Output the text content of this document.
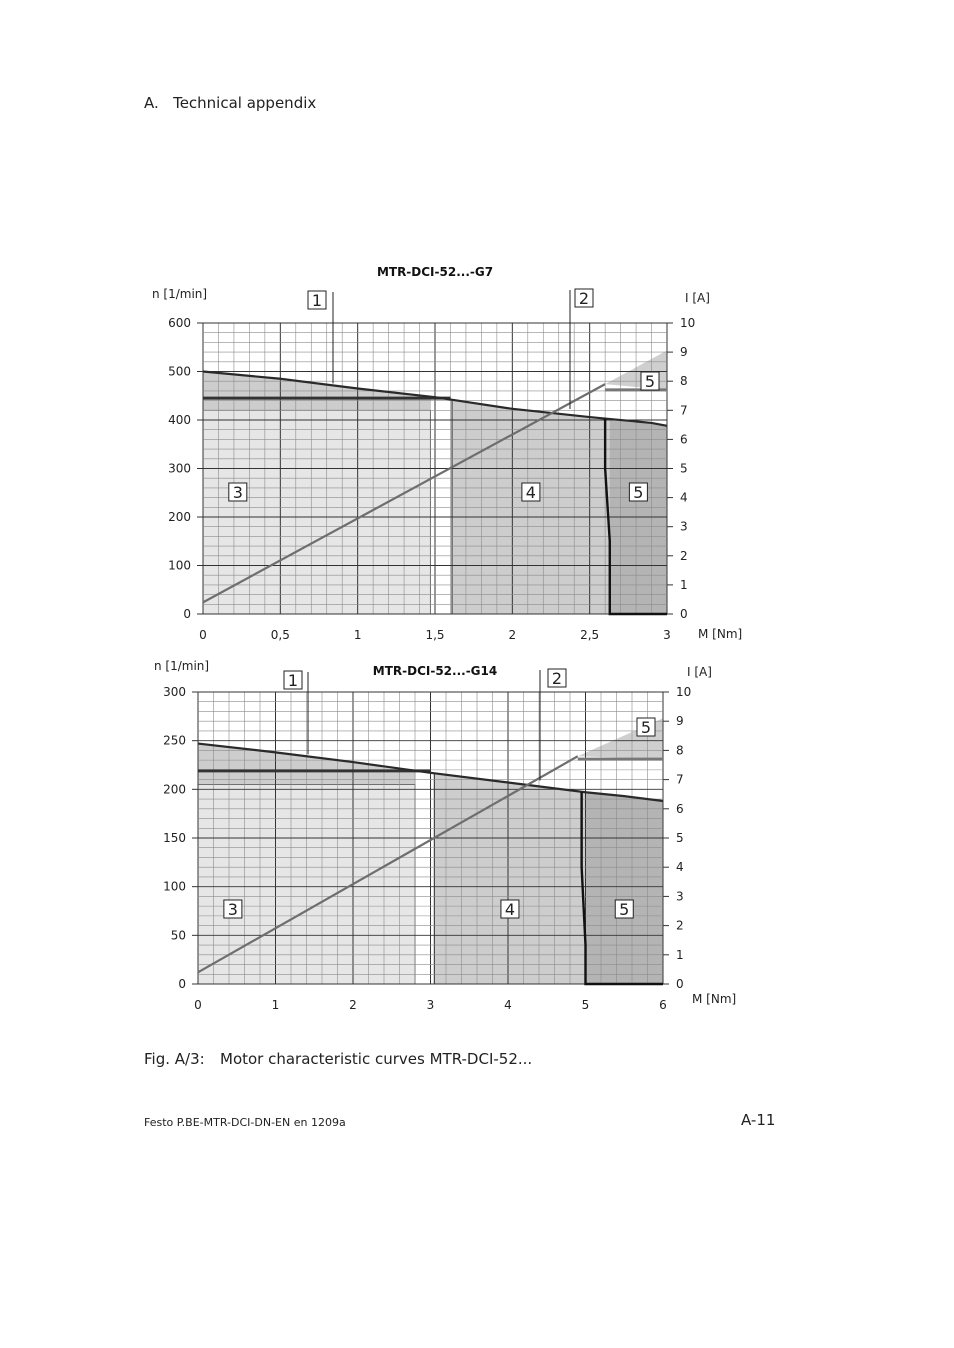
A. Technical appendix
0
100
200
300
400
500
600
0
1
2
3
4
5
6
7
8
9
10
0	0,5	1	1,5	2	2,5	3
MTR-DCI-52...-G7
n [1/min]	I [A]
M [Nm]
1	2
5
3	4	5
0
50
100
150
200
250
300
0
1
2
3
4
5
6
7
8
9
10
0	1	2	3	4	5	6
MTR-DCI-52...-G14
n [1/min]	I [A]
M [Nm]
1	2
5
3	4	5
Fig. A/3: Motor characteristic curves MTR-DCI-52...
Festo P.BE-MTR-DCI-DN-EN en 1209a	A-11
